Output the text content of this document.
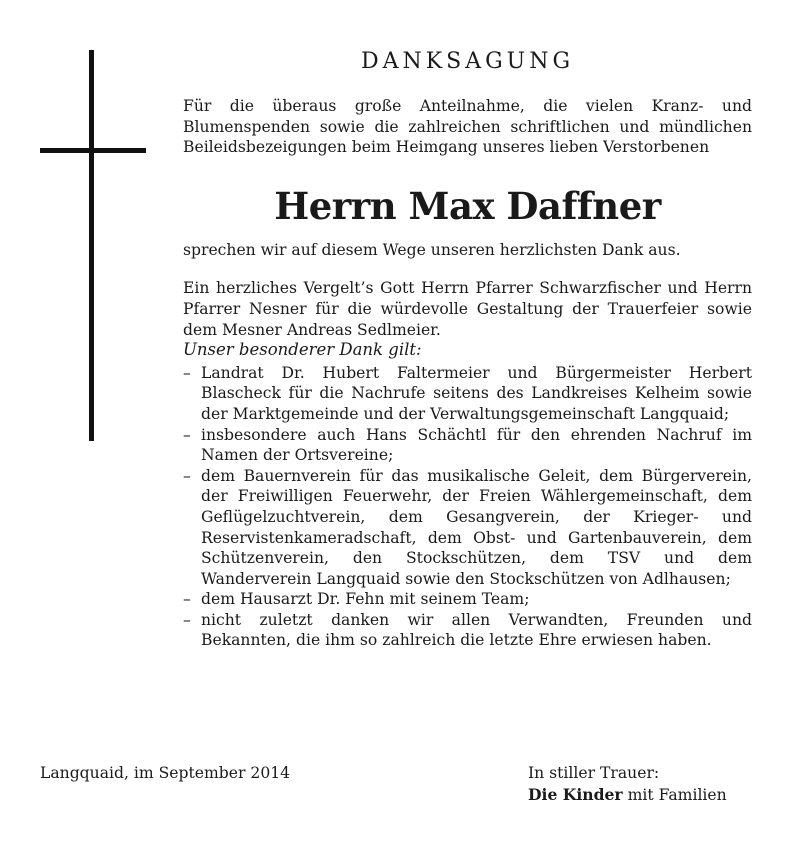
DANKSAGUNG

Für die überaus große Anteilnahme, die vielen Kranz- und Blumenspenden sowie die zahlreichen schriftlichen und mündlichen Beileidsbezeigungen beim Heimgang unseres lieben Verstorbenen

Herrn Max Daffner

sprechen wir auf diesem Wege unseren herzlichsten Dank aus.

Ein herzliches Vergelt’s Gott Herrn Pfarrer Schwarzfischer und Herrn Pfarrer Nesner für die würdevolle Gestaltung der Trauerfeier sowie dem Mesner Andreas Sedlmeier.

Unser besonderer Dank gilt:

– Landrat Dr. Hubert Faltermeier und Bürgermeister Herbert Blascheck für die Nachrufe seitens des Landkreises Kelheim sowie der Marktgemeinde und der Verwaltungsgemeinschaft Langquaid;
– insbesondere auch Hans Schächtl für den ehrenden Nachruf im Namen der Ortsvereine;
– dem Bauernverein für das musikalische Geleit, dem Bürgerverein, der Freiwilligen Feuerwehr, der Freien Wählergemeinschaft, dem Geflügelzuchtverein, dem Gesangverein, der Krieger- und Reservistenkameradschaft, dem Obst- und Gartenbauverein, dem Schützenverein, den Stockschützen, dem TSV und dem Wanderverein Langquaid sowie den Stockschützen von Adlhausen;
– dem Hausarzt Dr. Fehn mit seinem Team;
– nicht zuletzt danken wir allen Verwandten, Freunden und Bekannten, die ihm so zahlreich die letzte Ehre erwiesen haben.
Langquaid, im September 2014	In stiller Trauer:
Die Kinder mit Familien
